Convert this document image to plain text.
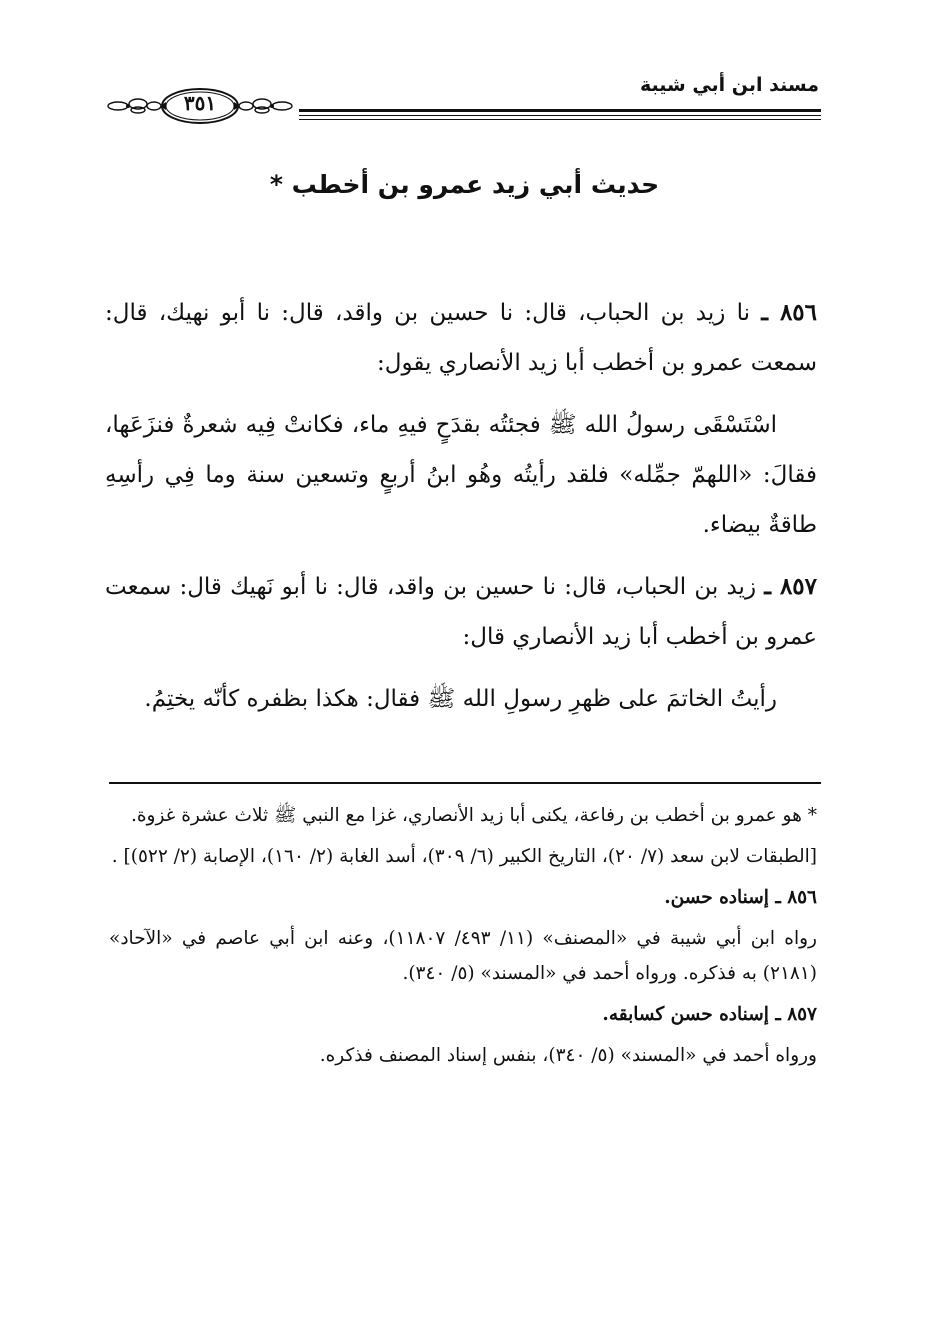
مسند ابن أبي شيبة
٣٥١
حديث أبي زيد عمرو بن أخطب *

٨٥٦ ـ نا زيد بن الحباب، قال: نا حسين بن واقد، قال: نا أبو نهيك، قال: سمعت عمرو بن أخطب أبا زيد الأنصاري يقول:

اسْتَسْقَى رسولُ الله ﷺ فجئتُه بقدَحٍ فيهِ ماء، فكانتْ فِيه شعرةٌ فنزَعَها، فقالَ: «اللهمّ جمِّله» فلقد رأيتُه وهُو ابنُ أربعٍ وتسعين سنة وما فِي رأسِهِ طاقةٌ بيضاء.

٨٥٧ ـ زيد بن الحباب، قال: نا حسين بن واقد، قال: نا أبو نَهيك قال: سمعت عمرو بن أخطب أبا زيد الأنصاري قال:

رأيتُ الخاتمَ على ظهرِ رسولِ الله ﷺ فقال: هكذا بظفره كأنّه يختِمُ.

* هو عمرو بن أخطب بن رفاعة، يكنى أبا زيد الأنصاري، غزا مع النبي ﷺ ثلاث عشرة غزوة.

[الطبقات لابن سعد (٧/ ٢٠)، التاريخ الكبير (٦/ ٣٠٩)، أسد الغابة (٢/ ١٦٠)، الإصابة (٢/ ٥٢٢)] .

٨٥٦ ـ إسناده حسن.

رواه ابن أبي شيبة في «المصنف» (١١/ ٤٩٣/ ١١٨٠٧)، وعنه ابن أبي عاصم في «الآحاد» (٢١٨١) به فذكره. ورواه أحمد في «المسند» (٥/ ٣٤٠).

٨٥٧ ـ إسناده حسن كسابقه.

ورواه أحمد في «المسند» (٥/ ٣٤٠)، بنفس إسناد المصنف فذكره.
